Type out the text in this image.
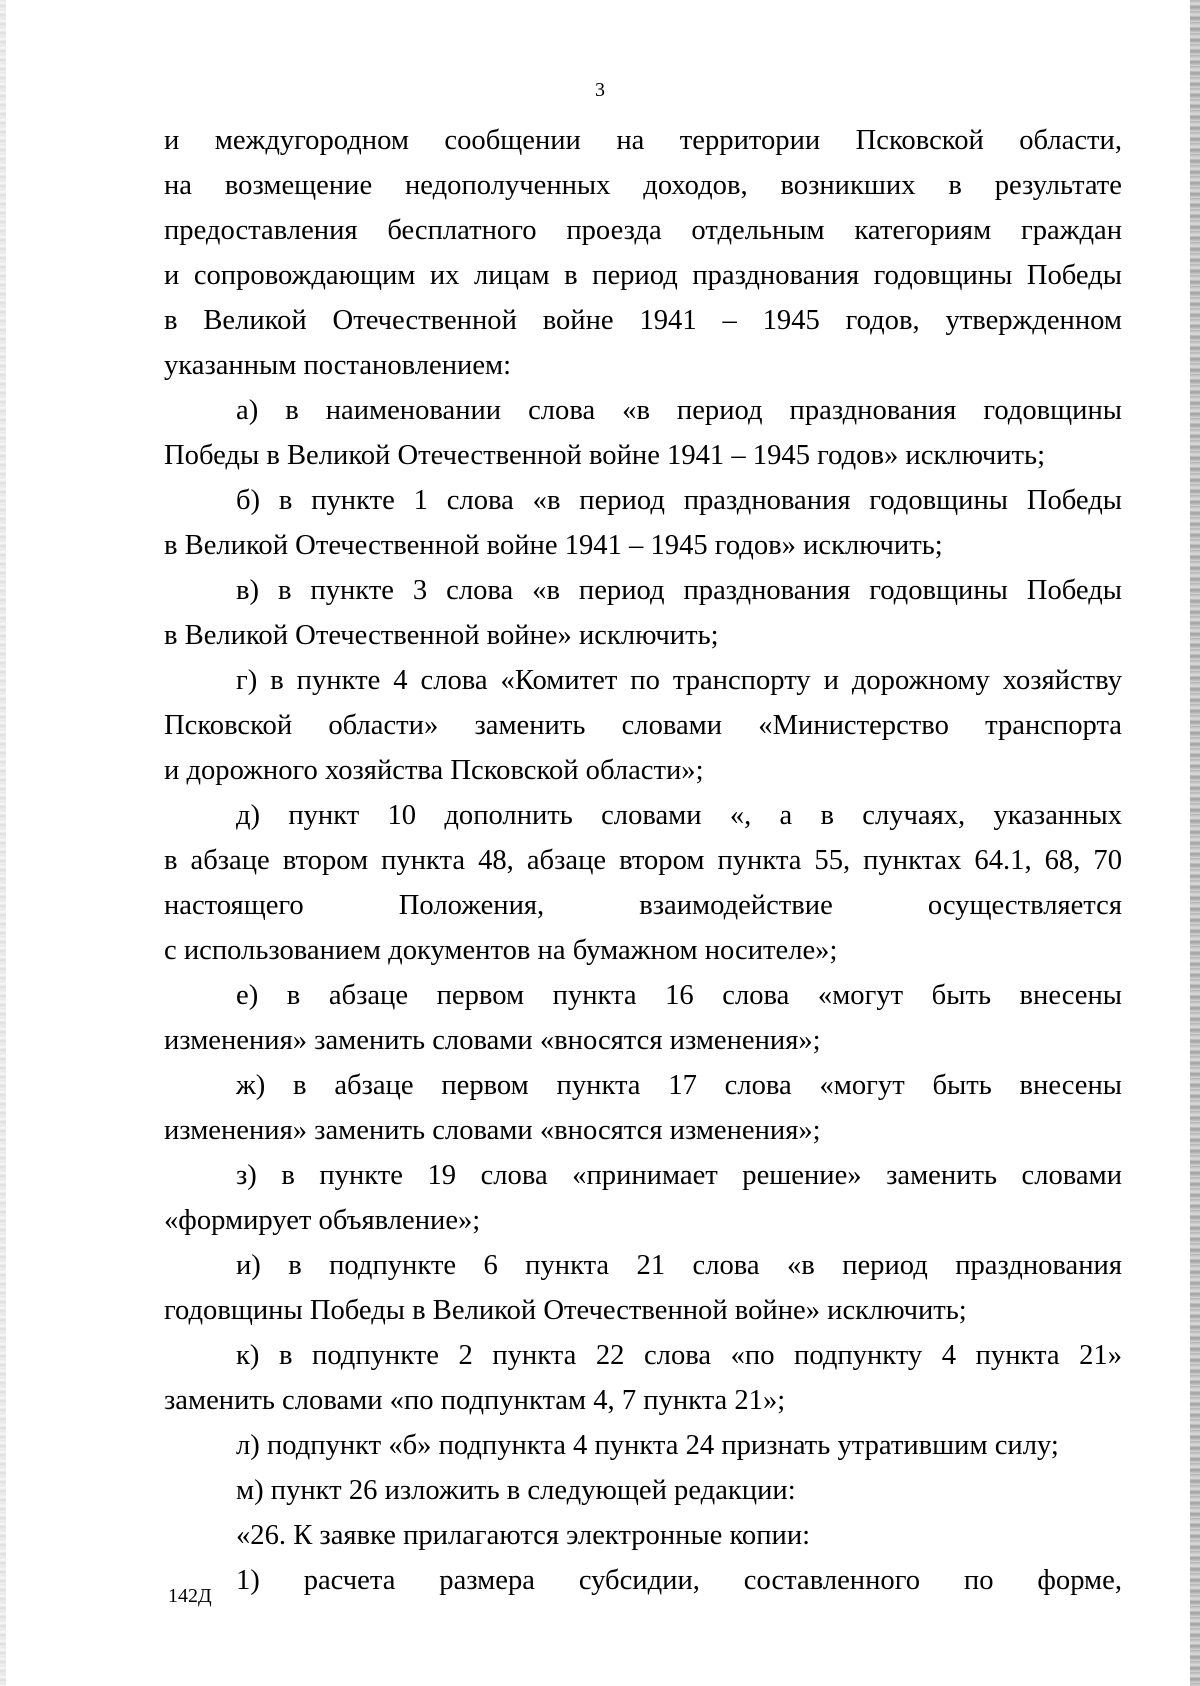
3
и междугородном сообщении на территории Псковской области,
на возмещение недополученных доходов, возникших в результате
предоставления бесплатного проезда отдельным категориям граждан
и сопровождающим их лицам в период празднования годовщины Победы
в Великой Отечественной войне 1941 – 1945 годов, утвержденном
указанным постановлением:
а) в наименовании слова «в период празднования годовщины
Победы в Великой Отечественной войне 1941 – 1945 годов» исключить;
б) в пункте 1 слова «в период празднования годовщины Победы
в Великой Отечественной войне 1941 – 1945 годов» исключить;
в) в пункте 3 слова «в период празднования годовщины Победы
в Великой Отечественной войне» исключить;
г) в пункте 4 слова «Комитет по транспорту и дорожному хозяйству
Псковской области» заменить словами «Министерство транспорта
и дорожного хозяйства Псковской области»;
д) пункт 10 дополнить словами «, а в случаях, указанных
в абзаце втором пункта 48, абзаце втором пункта 55, пунктах 64.1, 68, 70
настоящего Положения, взаимодействие осуществляется
с использованием документов на бумажном носителе»;
е) в абзаце первом пункта 16 слова «могут быть внесены
изменения» заменить словами «вносятся изменения»;
ж) в абзаце первом пункта 17 слова «могут быть внесены
изменения» заменить словами «вносятся изменения»;
з) в пункте 19 слова «принимает решение» заменить словами
«формирует объявление»;
и) в подпункте 6 пункта 21 слова «в период празднования
годовщины Победы в Великой Отечественной войне» исключить;
к) в подпункте 2 пункта 22 слова «по подпункту 4 пункта 21»
заменить словами «по подпунктам 4, 7 пункта 21»;
л) подпункт «б» подпункта 4 пункта 24 признать утратившим силу;
м) пункт 26 изложить в следующей редакции:
«26. К заявке прилагаются электронные копии:
1) расчета размера субсидии, составленного по форме,
142Д
